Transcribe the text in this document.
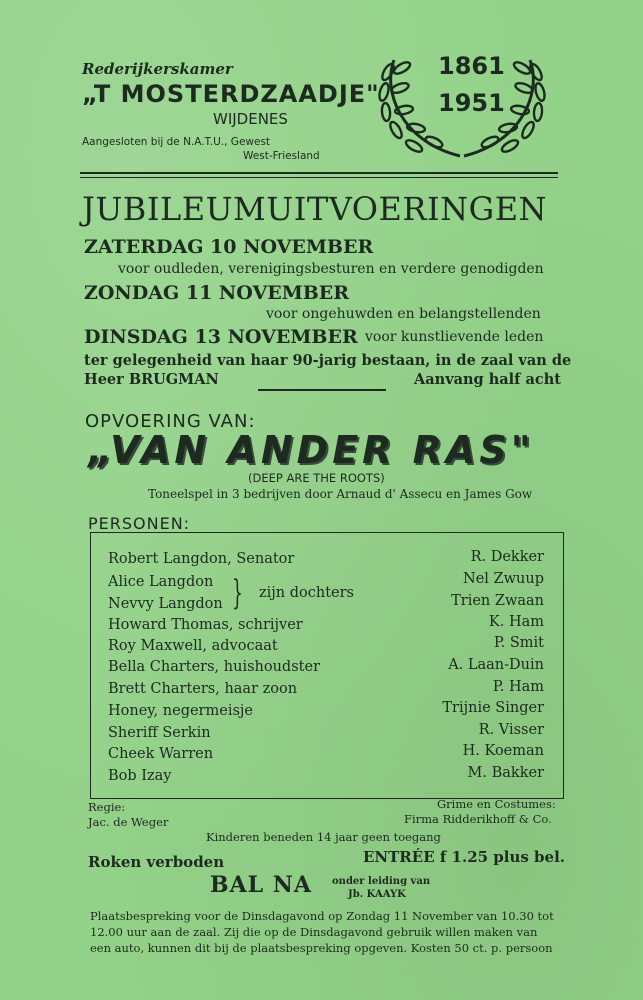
Rederijkerskamer
„T MOSTERDZAADJE"
WIJDENES
Aangesloten bij de N.A.T.U., Gewest
West-Friesland
1861
1951
JUBILEUMUITVOERINGEN
ZATERDAG 10 NOVEMBER
voor oudleden, verenigingsbesturen en verdere genodigden
ZONDAG 11 NOVEMBER
voor ongehuwden en belangstellenden
DINSDAG 13 NOVEMBER voor kunstlievende leden
ter gelegenheid van haar 90-jarig bestaan, in de zaal van de
Heer BRUGMAN	Aanvang half acht
OPVOERING VAN:
„VAN ANDER RAS"
(DEEP ARE THE ROOTS)
Toneelspel in 3 bedrijven door Arnaud d' Assecu en James Gow
PERSONEN:
Robert Langdon, Senator
Alice Langdon
Nevvy Langdon
Howard Thomas, schrijver
Roy Maxwell, advocaat
Bella Charters, huishoudster
Brett Charters, haar zoon
Honey, negermeisje
Sheriff Serkin
Cheek Warren
Bob Izay
} zijn dochters
R. Dekker
Nel Zwuup
Trien Zwaan
K. Ham
P. Smit
A. Laan-Duin
P. Ham
Trijnie Singer
R. Visser
H. Koeman
M. Bakker
Regie:
Jac. de Weger
Grime en Costumes:
Firma Ridderikhoff & Co.
Kinderen beneden 14 jaar geen toegang
Roken verboden	ENTRÉE f 1.25 plus bel.
BAL NA onder leiding van
Jb. KAAYK
Plaatsbespreking voor de Dinsdagavond op Zondag 11 November van 10.30 tot
12.00 uur aan de zaal. Zij die op de Dinsdagavond gebruik willen maken van
een auto, kunnen dit bij de plaatsbespreking opgeven. Kosten 50 ct. p. persoon
